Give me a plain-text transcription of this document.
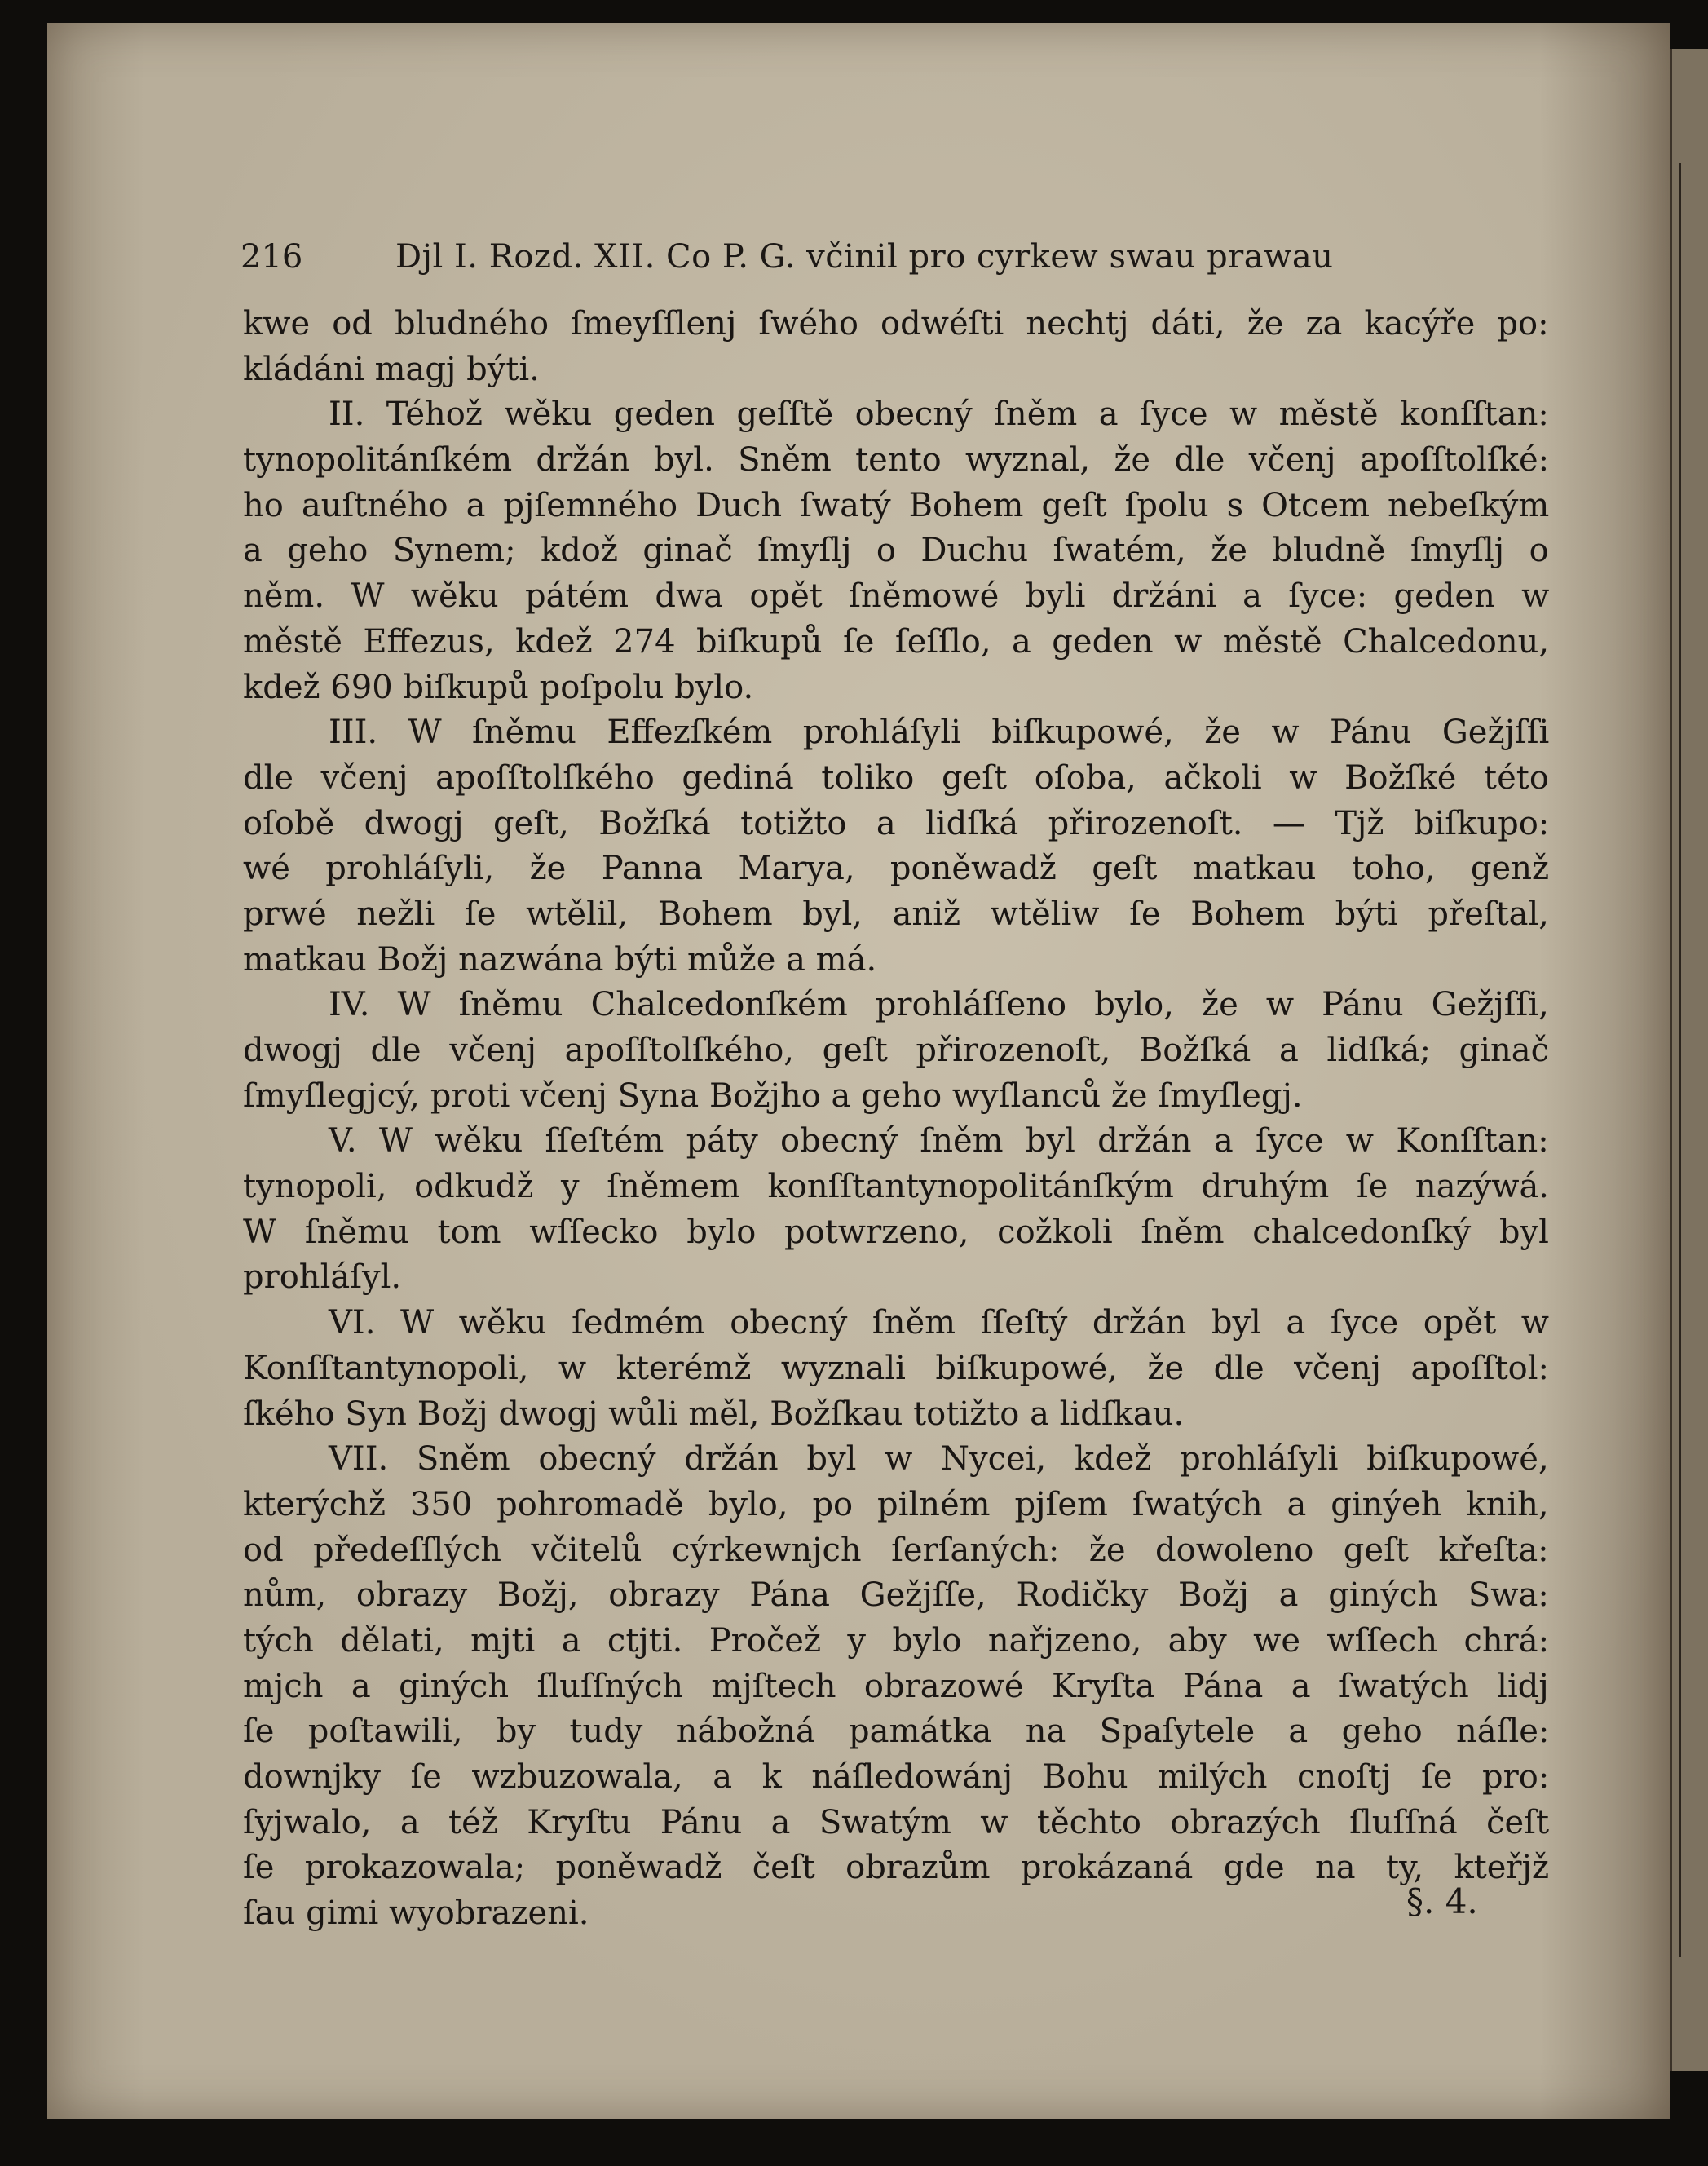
216	Djl I. Rozd. XII. Co P. G. včinil pro cyrkew swau prawau
kwe od bludného ſmeyſſlenj ſwého odwéſti nechtj dáti, že za kacýře po:
kládáni magj býti.
II. Téhož wěku geden geſſtě obecný ſněm a ſyce w městě konſſtan:
tynopolitánſkém držán byl. Sněm tento wyznal, že dle včenj apoſſtolſké:
ho auſtného a pjſemného Duch ſwatý Bohem geſt ſpolu s Otcem nebeſkým
a geho Synem; kdož ginač ſmyſlj o Duchu ſwatém, že bludně ſmyſlj o
něm. W wěku pátém dwa opět ſněmowé byli držáni a ſyce: geden w
městě Effezus, kdež 274 biſkupů ſe ſeſſlo, a geden w městě Chalcedonu,
kdež 690 biſkupů poſpolu bylo.
III. W ſněmu Effezſkém prohláſyli biſkupowé, že w Pánu Gežjſſi
dle včenj apoſſtolſkého gediná toliko geſt oſoba, ačkoli w Božſké této
oſobě dwogj geſt, Božſká totižto a lidſká přirozenoſt. — Tjž biſkupo:
wé prohláſyli, že Panna Marya, poněwadž geſt matkau toho, genž
prwé nežli ſe wtělil, Bohem byl, aniž wtěliw ſe Bohem býti přeſtal,
matkau Božj nazwána býti může a má.
IV. W ſněmu Chalcedonſkém prohláſſeno bylo, že w Pánu Gežjſſi,
dwogj dle včenj apoſſtolſkého, geſt přirozenoſt, Božſká a lidſká; ginač
ſmyſlegjcý, proti včenj Syna Božjho a geho wyſlanců že ſmyſlegj.
V. W wěku ſſeſtém páty obecný ſněm byl držán a ſyce w Konſſtan:
tynopoli, odkudž y ſněmem konſſtantynopolitánſkým druhým ſe nazýwá.
W ſněmu tom wſſecko bylo potwrzeno, cožkoli ſněm chalcedonſký byl
prohláſyl.
VI. W wěku ſedmém obecný ſněm ſſeſtý držán byl a ſyce opět w
Konſſtantynopoli, w kterémž wyznali biſkupowé, že dle včenj apoſſtol:
ſkého Syn Božj dwogj wůli měl, Božſkau totižto a lidſkau.
VII. Sněm obecný držán byl w Nycei, kdež prohláſyli biſkupowé,
kterýchž 350 pohromadě bylo, po pilném pjſem ſwatých a ginýeh knih,
od předeſſlých včitelů cýrkewnjch ſerſaných: že dowoleno geſt křeſta:
nům, obrazy Božj, obrazy Pána Gežjſſe, Rodičky Božj a giných Swa:
tých dělati, mjti a ctjti. Pročež y bylo nařjzeno, aby we wſſech chrá:
mjch a giných ſluſſných mjſtech obrazowé Kryſta Pána a ſwatých lidj
ſe poſtawili, by tudy nábožná památka na Spaſytele a geho náſle:
downjky ſe wzbuzowala, a k náſledowánj Bohu milých cnoſtj ſe pro:
ſyjwalo, a též Kryſtu Pánu a Swatým w těchto obrazých ſluſſná čeſt
ſe prokazowala; poněwadž čeſt obrazům prokázaná gde na ty, kteřjž
ſau gimi wyobrazeni.	§. 4.
